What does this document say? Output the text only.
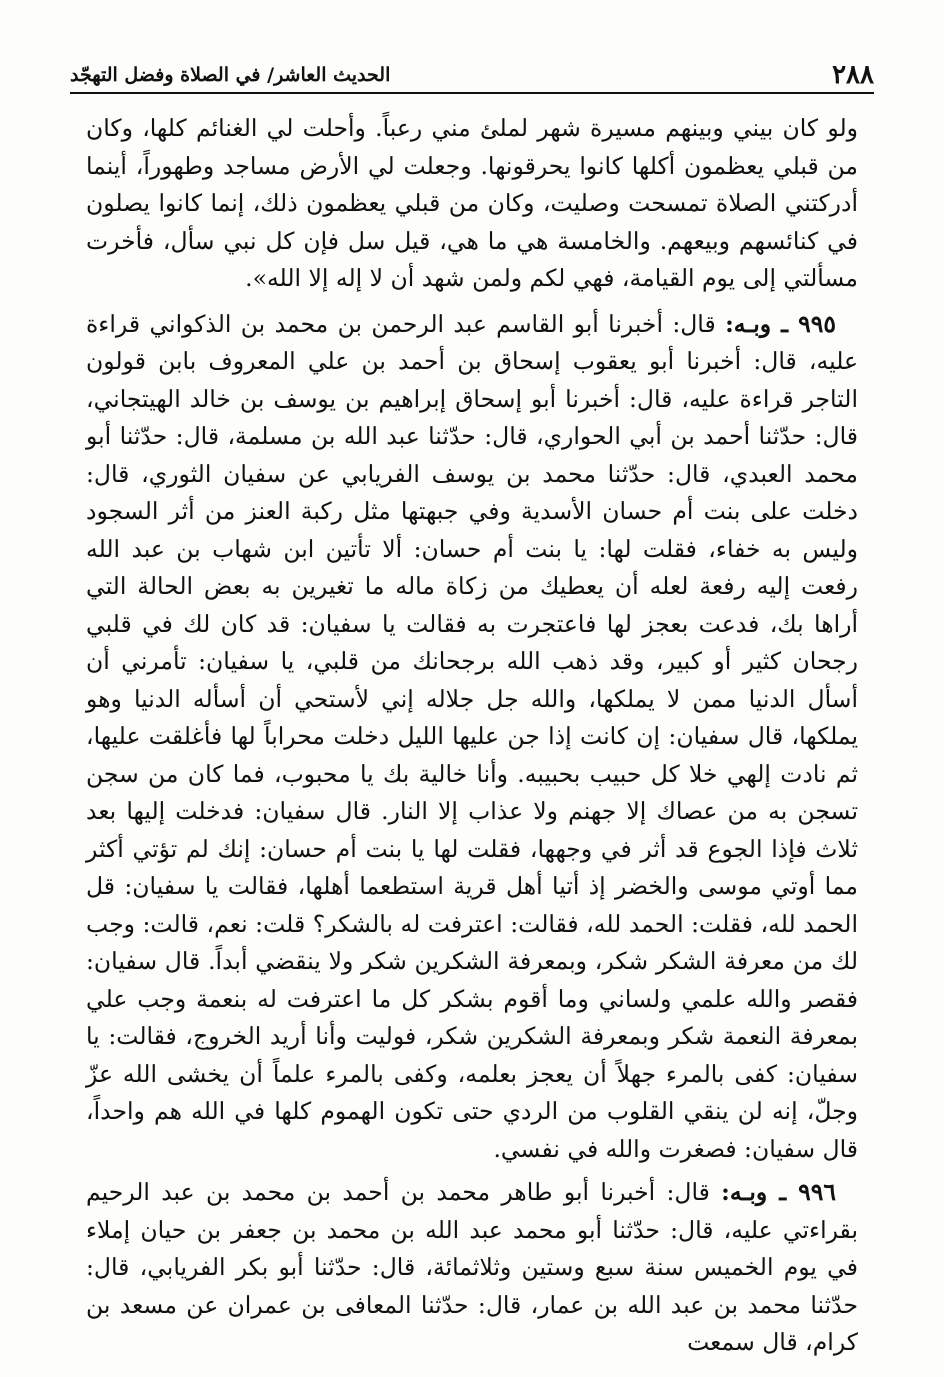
٢٨٨
الحديث العاشر/ في الصلاة وفضل التهجّد

ولو كان بيني وبينهم مسيرة شهر لملئ مني رعباً. وأحلت لي الغنائم كلها، وكان من قبلي يعظمون أكلها كانوا يحرقونها. وجعلت لي الأرض مساجد وطهوراً، أينما أدركتني الصلاة تمسحت وصليت، وكان من قبلي يعظمون ذلك، إنما كانوا يصلون في كنائسهم وبيعهم. والخامسة هي ما هي، قيل سل فإن كل نبي سأل، فأخرت مسألتي إلى يوم القيامة، فهي لكم ولمن شهد أن لا إله إلا الله».

٩٩٥ ـ وبـه: قال: أخبرنا أبو القاسم عبد الرحمن بن محمد بن الذكواني قراءة عليه، قال: أخبرنا أبو يعقوب إسحاق بن أحمد بن علي المعروف بابن قولون التاجر قراءة عليه، قال: أخبرنا أبو إسحاق إبراهيم بن يوسف بن خالد الهيتجاني، قال: حدّثنا أحمد بن أبي الحواري، قال: حدّثنا عبد الله بن مسلمة، قال: حدّثنا أبو محمد العبدي، قال: حدّثنا محمد بن يوسف الفريابي عن سفيان الثوري، قال: دخلت على بنت أم حسان الأسدية وفي جبهتها مثل ركبة العنز من أثر السجود وليس به خفاء، فقلت لها: يا بنت أم حسان: ألا تأتين ابن شهاب بن عبد الله رفعت إليه رفعة لعله أن يعطيك من زكاة ماله ما تغيرين به بعض الحالة التي أراها بك، فدعت بعجز لها فاعتجرت به فقالت يا سفيان: قد كان لك في قلبي رجحان كثير أو كبير، وقد ذهب الله برجحانك من قلبي، يا سفيان: تأمرني أن أسأل الدنيا ممن لا يملكها، والله جل جلاله إني لأستحي أن أسأله الدنيا وهو يملكها، قال سفيان: إن كانت إذا جن عليها الليل دخلت محراباً لها فأغلقت عليها، ثم نادت إلهي خلا كل حبيب بحبيبه. وأنا خالية بك يا محبوب، فما كان من سجن تسجن به من عصاك إلا جهنم ولا عذاب إلا النار. قال سفيان: فدخلت إليها بعد ثلاث فإذا الجوع قد أثر في وجهها، فقلت لها يا بنت أم حسان: إنك لم تؤتي أكثر مما أوتي موسى والخضر إذ أتيا أهل قرية استطعما أهلها، فقالت يا سفيان: قل الحمد لله، فقلت: الحمد لله، فقالت: اعترفت له بالشكر؟ قلت: نعم، قالت: وجب لك من معرفة الشكر شكر، وبمعرفة الشكرين شكر ولا ينقضي أبداً. قال سفيان: فقصر والله علمي ولساني وما أقوم بشكر كل ما اعترفت له بنعمة وجب علي بمعرفة النعمة شكر وبمعرفة الشكرين شكر، فوليت وأنا أريد الخروج، فقالت: يا سفيان: كفى بالمرء جهلاً أن يعجز بعلمه، وكفى بالمرء علماً أن يخشى الله عزّ وجلّ، إنه لن ينقي القلوب من الردي حتى تكون الهموم كلها في الله هم واحداً، قال سفيان: فصغرت والله في نفسي.

٩٩٦ ـ وبـه: قال: أخبرنا أبو طاهر محمد بن أحمد بن محمد بن عبد الرحيم بقراءتي عليه، قال: حدّثنا أبو محمد عبد الله بن محمد بن جعفر بن حيان إملاء في يوم الخميس سنة سبع وستين وثلاثمائة، قال: حدّثنا أبو بكر الفريابي، قال: حدّثنا محمد بن عبد الله بن عمار، قال: حدّثنا المعافى بن عمران عن مسعد بن كرام، قال سمعت
